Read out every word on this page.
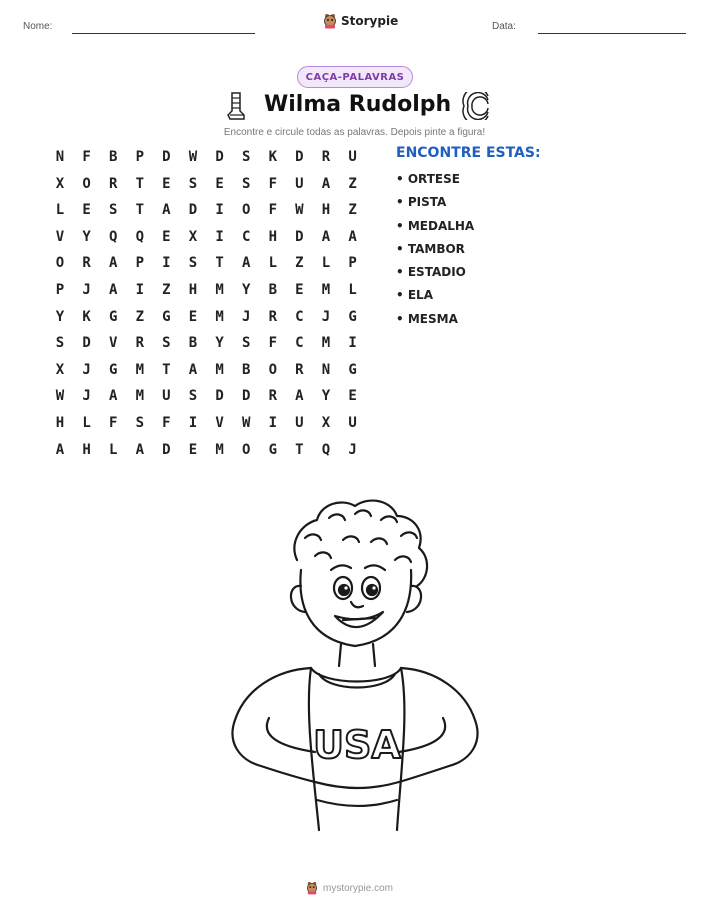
Nome:	Storypie	Data:
CAÇA-PALAVRAS
Wilma Rudolph
Encontre e circule todas as palavras. Depois pinte a figura!
N	F	B	P	D	W	D	S	K	D	R	U
X	O	R	T	E	S	E	S	F	U	A	Z
L	E	S	T	A	D	I	O	F	W	H	Z
V	Y	Q	Q	E	X	I	C	H	D	A	A
O	R	A	P	I	S	T	A	L	Z	L	P
P	J	A	I	Z	H	M	Y	B	E	M	L
Y	K	G	Z	G	E	M	J	R	C	J	G
S	D	V	R	S	B	Y	S	F	C	M	I
X	J	G	M	T	A	M	B	O	R	N	G
W	J	A	M	U	S	D	D	R	A	Y	E
H	L	F	S	F	I	V	W	I	U	X	U
A	H	L	A	D	E	M	O	G	T	Q	J
ENCONTRE ESTAS:
• ORTESE
• PISTA
• MEDALHA
• TAMBOR
• ESTADIO
• ELA
• MESMA
USA
mystorypie.com
